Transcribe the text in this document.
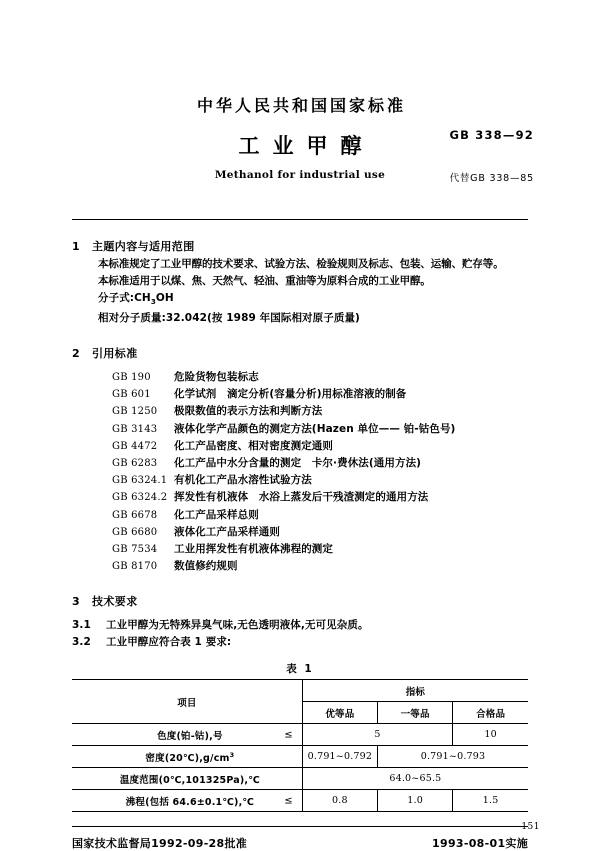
中华人民共和国国家标准
GB 338—92
代替GB 338—85
工业甲醇
Methanol for industrial use
1 主题内容与适用范围
本标准规定了工业甲醇的技术要求、试验方法、检验规则及标志、包装、运输、贮存等。
本标准适用于以煤、焦、天然气、轻油、重油等为原料合成的工业甲醇。
分子式$:CH_3OH$
相对分子质量:32.042(按 1989 年国际相对原子质量)
2 引用标准
GB 190 危险货物包装标志
GB 601 化学试剂　滴定分析(容量分析)用标准溶液的制备
GB 1250 极限数值的表示方法和判断方法
GB 3143 液体化学产品颜色的测定方法(Hazen 单位—— 铂-钴色号)
GB 4472 化工产品密度、相对密度测定通则
GB 6283 化工产品中水分含量的测定　卡尔·费休法(通用方法)
GB 6324.1 有机化工产品水溶性试验方法
GB 6324.2 挥发性有机液体　水浴上蒸发后干残渣测定的通用方法
GB 6678 化工产品采样总则
GB 6680 液体化工产品采样通则
GB 7534 工业用挥发性有机液体沸程的测定
GB 8170 数值修约规则
3 技术要求
3.1 工业甲醇为无特殊异臭气味,无色透明液体,无可见杂质。
3.2 工业甲醇应符合表 1 要求:
表 1
项目	指标		
	优等品	一等品	合格品
色度(铂-钴),号 ≤	5		10
密度$(20℃),g/cm^3$	0.791~0.792	0.791~0.793	
温度范围(0℃,101325Pa),℃	64.0~65.5		
沸程(包括 64.6±0.1℃),℃ ≤	0.8	1.0	1.5
国家技术监督局1992-09-28批准	1993-08-01实施
151
